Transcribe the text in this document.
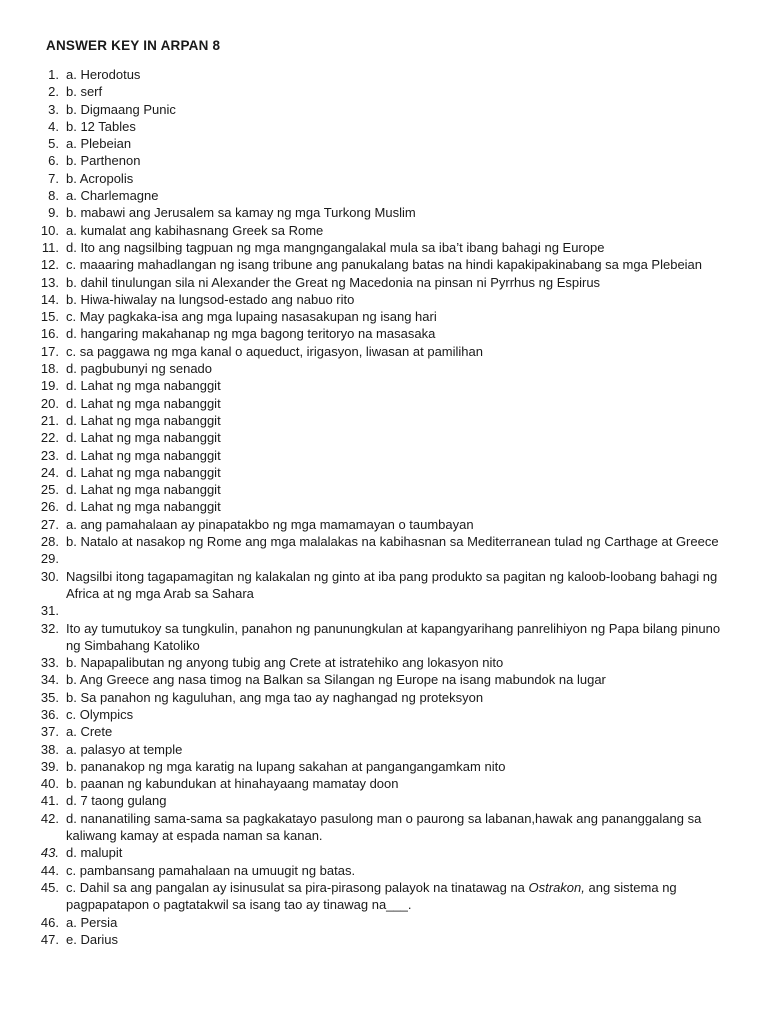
ANSWER KEY IN ARPAN 8
1. a. Herodotus
2. b. serf
3. b. Digmaang Punic
4. b. 12 Tables
5. a. Plebeian
6. b. Parthenon
7. b. Acropolis
8. a. Charlemagne
9. b. mabawi ang Jerusalem sa kamay ng mga Turkong Muslim
10. a. kumalat ang kabihasnang Greek sa Rome
11. d. Ito ang nagsilbing tagpuan ng mga mangngangalakal mula sa iba’t ibang bahagi ng Europe
12. c. maaaring mahadlangan ng isang tribune ang panukalang batas na hindi kapakipakinabang sa mga Plebeian
13. b. dahil tinulungan sila ni Alexander the Great ng Macedonia na pinsan ni Pyrrhus ng Espirus
14. b. Hiwa-hiwalay na lungsod-estado ang nabuo rito
15. c. May pagkaka-isa ang mga lupaing nasasakupan ng isang hari
16. d. hangaring makahanap ng mga bagong teritoryo na masasaka
17. c. sa paggawa ng mga kanal o aqueduct, irigasyon, liwasan at pamilihan
18. d. pagbubunyi ng senado
19. d. Lahat ng mga nabanggit
20. d. Lahat ng mga nabanggit
21. d. Lahat ng mga nabanggit
22. d. Lahat ng mga nabanggit
23. d. Lahat ng mga nabanggit
24. d. Lahat ng mga nabanggit
25. d. Lahat ng mga nabanggit
26. d. Lahat ng mga nabanggit
27. a. ang pamahalaan ay pinapatakbo ng mga mamamayan o taumbayan
28. b. Natalo at nasakop ng Rome ang mga malalakas na kabihasnan sa Mediterranean tulad ng Carthage at Greece
29.
30. Nagsilbi itong tagapamagitan ng kalakalan ng ginto at iba pang produkto sa pagitan ng kaloob-loobang bahagi ng Africa at ng mga Arab sa Sahara
31.
32. Ito ay tumutukoy sa tungkulin, panahon ng panunungkulan at kapangyarihang panrelihiyon ng Papa bilang pinuno ng Simbahang Katoliko
33. b. Napapalibutan ng anyong tubig ang Crete at istratehiko ang lokasyon nito
34. b. Ang Greece ang nasa timog na Balkan sa Silangan ng Europe na isang mabundok na lugar
35. b. Sa panahon ng kaguluhan, ang mga tao ay naghangad ng proteksyon
36. c. Olympics
37. a. Crete
38. a. palasyo at temple
39. b. pananakop ng mga karatig na lupang sakahan at pangangangamkam nito
40. b. paanan ng kabundukan at hinahayaang mamatay doon
41. d. 7 taong gulang
42. d. nananatiling sama-sama sa pagkakatayo pasulong man o paurong sa labanan,hawak ang pananggalang sa kaliwang kamay at espada naman sa kanan.
43. d. malupit
44. c. pambansang pamahalaan na umuugit ng batas.
45. c. Dahil sa ang pangalan ay isinusulat sa pira-pirasong palayok na tinatawag na Ostrakon, ang sistema ng pagpapatapon o pagtatakwil sa isang tao ay tinawag na___.
46. a. Persia
47. e. Darius
